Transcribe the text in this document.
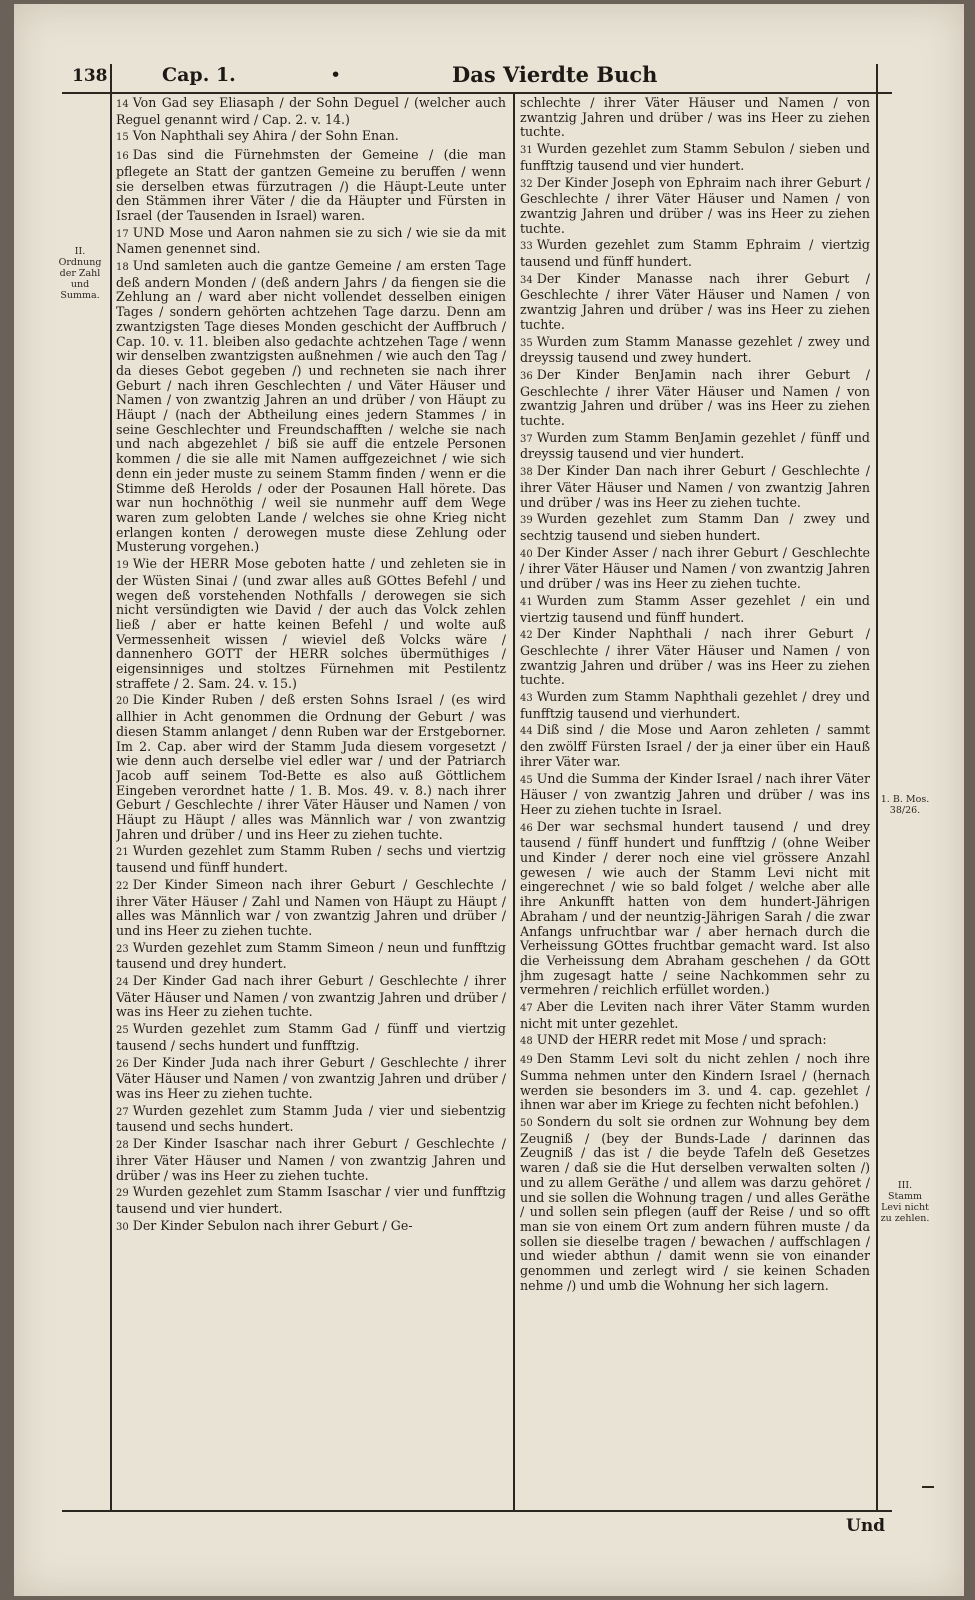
138	Cap. 1.	•	Das Vierdte Buch
II. Ordnung der Zahl und Summa.
1. B. Mos. 38/26.
III. Stamm Levi nicht zu zehlen.

14 Von Gad sey Eliasaph / der Sohn Deguel / (welcher auch Reguel genannt wird / Cap. 2. v. 14.)

15 Von Naphthali sey Ahira / der Sohn Enan.

16 Das sind die Fürnehmsten der Gemeine / (die man pflegete an Statt der gantzen Gemeine zu beruffen / wenn sie derselben etwas fürzutragen /) die Häupt-Leute unter den Stämmen ihrer Väter / die da Häupter und Fürsten in Israel (der Tausenden in Israel) waren.

17 UND Mose und Aaron nahmen sie zu sich / wie sie da mit Namen genennet sind.

18 Und samleten auch die gantze Gemeine / am ersten Tage deß andern Monden / (deß andern Jahrs / da fiengen sie die Zehlung an / ward aber nicht vollendet desselben einigen Tages / sondern gehörten achtzehen Tage darzu. Denn am zwantzigsten Tage dieses Monden geschicht der Auffbruch / Cap. 10. v. 11. bleiben also gedachte achtzehen Tage / wenn wir denselben zwantzigsten außnehmen / wie auch den Tag / da dieses Gebot gegeben /) und rechneten sie nach ihrer Geburt / nach ihren Geschlechten / und Väter Häuser und Namen / von zwantzig Jahren an und drüber / von Häupt zu Häupt / (nach der Abtheilung eines jedern Stammes / in seine Geschlechter und Freundschafften / welche sie nach und nach abgezehlet / biß sie auff die entzele Personen kommen / die sie alle mit Namen auffgezeichnet / wie sich denn ein jeder muste zu seinem Stamm finden / wenn er die Stimme deß Herolds / oder der Posaunen Hall hörete. Das war nun hochnöthig / weil sie nunmehr auff dem Wege waren zum gelobten Lande / welches sie ohne Krieg nicht erlangen konten / derowegen muste diese Zehlung oder Musterung vorgehen.)

19 Wie der HERR Mose geboten hatte / und zehleten sie in der Wüsten Sinai / (und zwar alles auß GOttes Befehl / und wegen deß vorstehenden Nothfalls / derowegen sie sich nicht versündigten wie David / der auch das Volck zehlen ließ / aber er hatte keinen Befehl / und wolte auß Vermessenheit wissen / wieviel deß Volcks wäre / dannenhero GOTT der HERR solches übermüthiges / eigensinniges und stoltzes Fürnehmen mit Pestilentz straffete / 2. Sam. 24. v. 15.)

20 Die Kinder Ruben / deß ersten Sohns Israel / (es wird allhier in Acht genommen die Ordnung der Geburt / was diesen Stamm anlanget / denn Ruben war der Erstgeborner. Im 2. Cap. aber wird der Stamm Juda diesem vorgesetzt / wie denn auch derselbe viel edler war / und der Patriarch Jacob auff seinem Tod-Bette es also auß Göttlichem Eingeben verordnet hatte / 1. B. Mos. 49. v. 8.) nach ihrer Geburt / Geschlechte / ihrer Väter Häuser und Namen / von Häupt zu Häupt / alles was Männlich war / von zwantzig Jahren und drüber / und ins Heer zu ziehen tuchte.

21 Wurden gezehlet zum Stamm Ruben / sechs und viertzig tausend und fünff hundert.

22 Der Kinder Simeon nach ihrer Geburt / Geschlechte / ihrer Väter Häuser / Zahl und Namen von Häupt zu Häupt / alles was Männlich war / von zwantzig Jahren und drüber / und ins Heer zu ziehen tuchte.

23 Wurden gezehlet zum Stamm Simeon / neun und funfftzig tausend und drey hundert.

24 Der Kinder Gad nach ihrer Geburt / Geschlechte / ihrer Väter Häuser und Namen / von zwantzig Jahren und drüber / was ins Heer zu ziehen tuchte.

25 Wurden gezehlet zum Stamm Gad / fünff und viertzig tausend / sechs hundert und funfftzig.

26 Der Kinder Juda nach ihrer Geburt / Geschlechte / ihrer Väter Häuser und Namen / von zwantzig Jahren und drüber / was ins Heer zu ziehen tuchte.

27 Wurden gezehlet zum Stamm Juda / vier und siebentzig tausend und sechs hundert.

28 Der Kinder Isaschar nach ihrer Geburt / Geschlechte / ihrer Väter Häuser und Namen / von zwantzig Jahren und drüber / was ins Heer zu ziehen tuchte.

29 Wurden gezehlet zum Stamm Isaschar / vier und funfftzig tausend und vier hundert.

30 Der Kinder Sebulon nach ihrer Geburt / Ge-

schlechte / ihrer Väter Häuser und Namen / von zwantzig Jahren und drüber / was ins Heer zu ziehen tuchte.

31 Wurden gezehlet zum Stamm Sebulon / sieben und funfftzig tausend und vier hundert.

32 Der Kinder Joseph von Ephraim nach ihrer Geburt / Geschlechte / ihrer Väter Häuser und Namen / von zwantzig Jahren und drüber / was ins Heer zu ziehen tuchte.

33 Wurden gezehlet zum Stamm Ephraim / viertzig tausend und fünff hundert.

34 Der Kinder Manasse nach ihrer Geburt / Geschlechte / ihrer Väter Häuser und Namen / von zwantzig Jahren und drüber / was ins Heer zu ziehen tuchte.

35 Wurden zum Stamm Manasse gezehlet / zwey und dreyssig tausend und zwey hundert.

36 Der Kinder BenJamin nach ihrer Geburt / Geschlechte / ihrer Väter Häuser und Namen / von zwantzig Jahren und drüber / was ins Heer zu ziehen tuchte.

37 Wurden zum Stamm BenJamin gezehlet / fünff und dreyssig tausend und vier hundert.

38 Der Kinder Dan nach ihrer Geburt / Geschlechte / ihrer Väter Häuser und Namen / von zwantzig Jahren und drüber / was ins Heer zu ziehen tuchte.

39 Wurden gezehlet zum Stamm Dan / zwey und sechtzig tausend und sieben hundert.

40 Der Kinder Asser / nach ihrer Geburt / Geschlechte / ihrer Väter Häuser und Namen / von zwantzig Jahren und drüber / was ins Heer zu ziehen tuchte.

41 Wurden zum Stamm Asser gezehlet / ein und viertzig tausend und fünff hundert.

42 Der Kinder Naphthali / nach ihrer Geburt / Geschlechte / ihrer Väter Häuser und Namen / von zwantzig Jahren und drüber / was ins Heer zu ziehen tuchte.

43 Wurden zum Stamm Naphthali gezehlet / drey und funfftzig tausend und vierhundert.

44 Diß sind / die Mose und Aaron zehleten / sammt den zwölff Fürsten Israel / der ja einer über ein Hauß ihrer Väter war.

45 Und die Summa der Kinder Israel / nach ihrer Väter Häuser / von zwantzig Jahren und drüber / was ins Heer zu ziehen tuchte in Israel.

46 Der war sechsmal hundert tausend / und drey tausend / fünff hundert und funfftzig / (ohne Weiber und Kinder / derer noch eine viel grössere Anzahl gewesen / wie auch der Stamm Levi nicht mit eingerechnet / wie so bald folget / welche aber alle ihre Ankunfft hatten von dem hundert-Jährigen Abraham / und der neuntzig-Jährigen Sarah / die zwar Anfangs unfruchtbar war / aber hernach durch die Verheissung GOttes fruchtbar gemacht ward. Ist also die Verheissung dem Abraham geschehen / da GOtt jhm zugesagt hatte / seine Nachkommen sehr zu vermehren / reichlich erfüllet worden.)

47 Aber die Leviten nach ihrer Väter Stamm wurden nicht mit unter gezehlet.

48 UND der HERR redet mit Mose / und sprach:

49 Den Stamm Levi solt du nicht zehlen / noch ihre Summa nehmen unter den Kindern Israel / (hernach werden sie besonders im 3. und 4. cap. gezehlet / ihnen war aber im Kriege zu fechten nicht befohlen.)

50 Sondern du solt sie ordnen zur Wohnung bey dem Zeugniß / (bey der Bunds-Lade / darinnen das Zeugniß / das ist / die beyde Tafeln deß Gesetzes waren / daß sie die Hut derselben verwalten solten /) und zu allem Geräthe / und allem was darzu gehöret / und sie sollen die Wohnung tragen / und alles Geräthe / und sollen sein pflegen (auff der Reise / und so offt man sie von einem Ort zum andern führen muste / da sollen sie dieselbe tragen / bewachen / auffschlagen / und wieder abthun / damit wenn sie von einander genommen und zerlegt wird / sie keinen Schaden nehme /) und umb die Wohnung her sich lagern.

Und
